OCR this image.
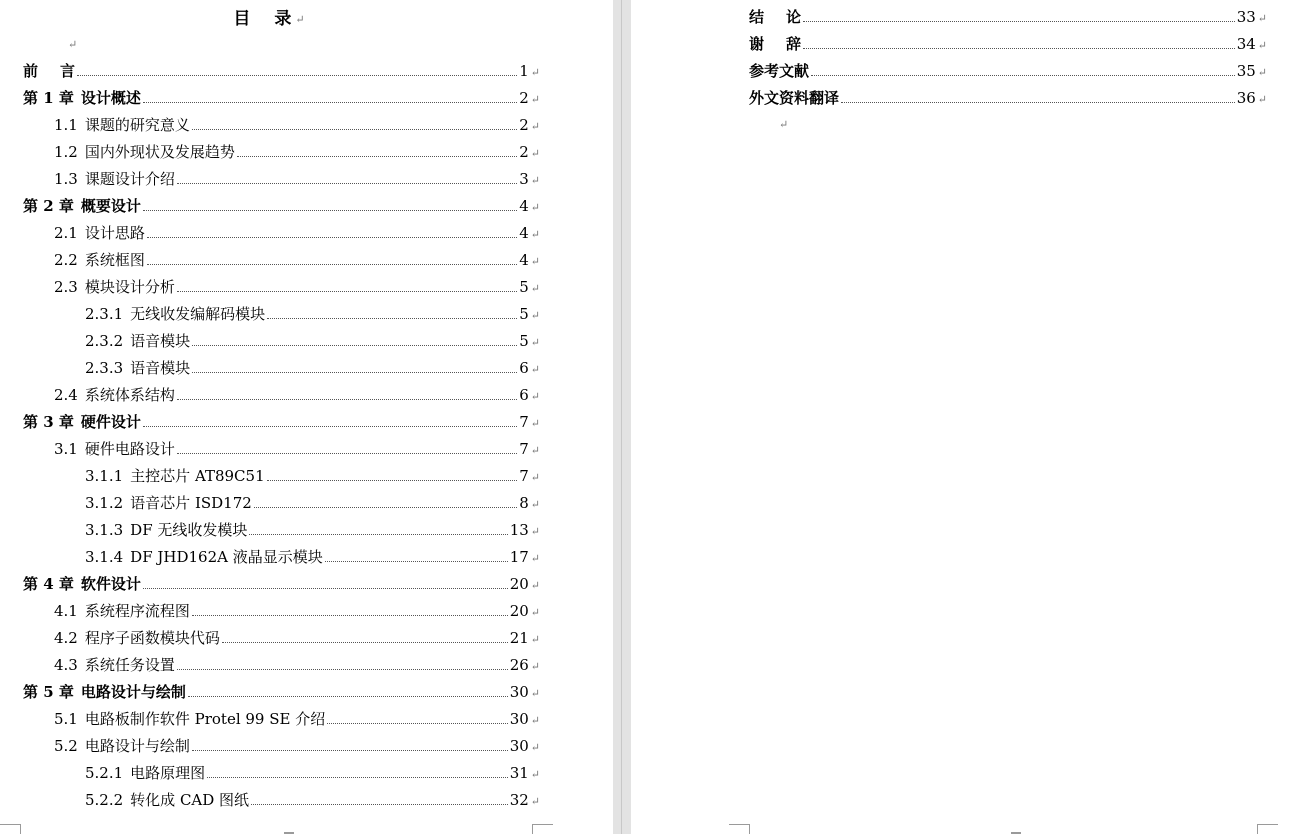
目 录 ↵
↵
前 言	1 ↵
第 1 章 设计概述	2 ↵
1.1 课题的研究意义	2 ↵
1.2 国内外现状及发展趋势	2 ↵
1.3 课题设计介绍	3 ↵
第 2 章 概要设计	4 ↵
2.1 设计思路	4 ↵
2.2 系统框图	4 ↵
2.3 模块设计分析	5 ↵
2.3.1 无线收发编解码模块	5 ↵
2.3.2 语音模块	5 ↵
2.3.3 语音模块	6 ↵
2.4 系统体系结构	6 ↵
第 3 章 硬件设计	7 ↵
3.1 硬件电路设计	7 ↵
3.1.1 主控芯片 AT89C51	7 ↵
3.1.2 语音芯片 ISD172	8 ↵
3.1.3 DF 无线收发模块	13 ↵
3.1.4 DF JHD162A 液晶显示模块	17 ↵
第 4 章 软件设计	20 ↵
4.1 系统程序流程图	20 ↵
4.2 程序子函数模块代码	21 ↵
4.3 系统任务设置	26 ↵
第 5 章 电路设计与绘制	30 ↵
5.1 电路板制作软件 Protel 99 SE 介绍	30 ↵
5.2 电路设计与绘制	30 ↵
5.2.1 电路原理图	31 ↵
5.2.2 转化成 CAD 图纸	32 ↵
结 论	33 ↵
谢 辞	34 ↵
参考文献	35 ↵
外文资料翻译	36 ↵
↵
